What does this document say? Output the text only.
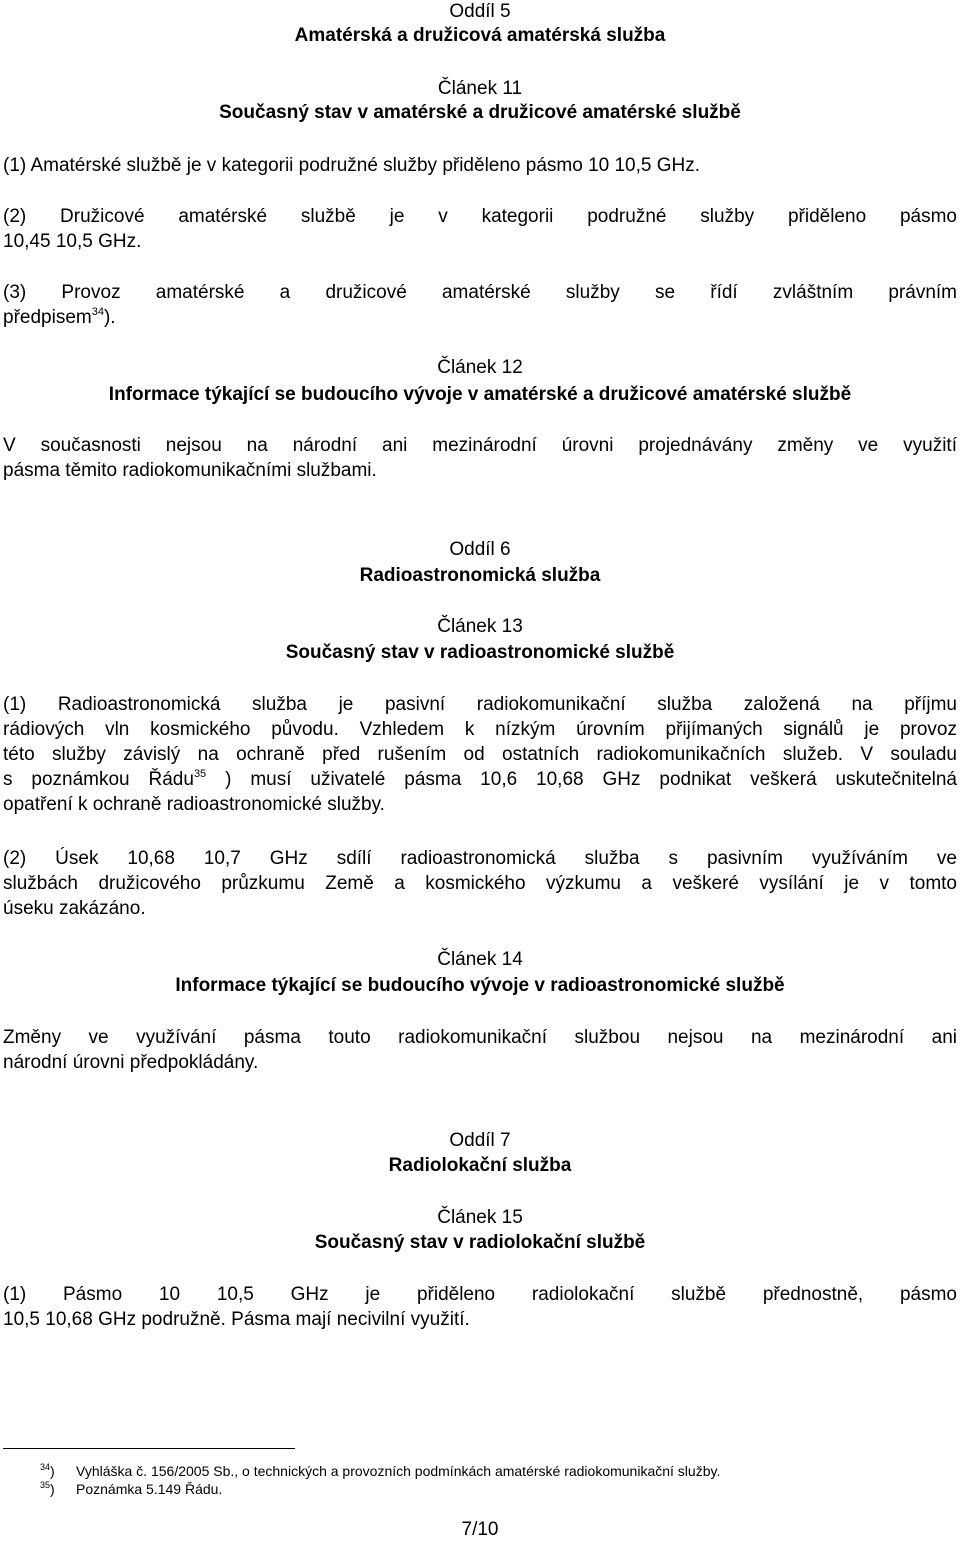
Oddíl 5
Amatérská a družicová amatérská služba
Článek 11
Současný stav v amatérské a družicové amatérské službě
(1) Amatérské službě je v kategorii podružné služby přiděleno pásmo 10 10,5 GHz.
(2) Družicové amatérské službě je v kategorii podružné služby přiděleno pásmo
10,45 10,5 GHz.
(3) Provoz amatérské a družicové amatérské služby se řídí zvláštním právním
předpisem$^{34}$).
Článek 12
Informace týkající se budoucího vývoje v amatérské a družicové amatérské službě
V současnosti nejsou na národní ani mezinárodní úrovni projednávány změny ve využití
pásma těmito radiokomunikačními službami.
Oddíl 6
Radioastronomická služba
Článek 13
Současný stav v radioastronomické službě
(1) Radioastronomická služba je pasivní radiokomunikační služba založená na příjmu
rádiových vln kosmického původu. Vzhledem k nízkým úrovním přijímaných signálů je provoz
této služby závislý na ochraně před rušením od ostatních radiokomunikačních služeb. V souladu
s poznámkou Řádu$^{35}$ ) musí uživatelé pásma 10,6 10,68 GHz podnikat veškerá uskutečnitelná
opatření k ochraně radioastronomické služby.
(2) Úsek 10,68 10,7 GHz sdílí radioastronomická služba s pasivním využíváním ve
službách družicového průzkumu Země a kosmického výzkumu a veškeré vysílání je v tomto
úseku zakázáno.
Článek 14
Informace týkající se budoucího vývoje v radioastronomické službě
Změny ve využívání pásma touto radiokomunikační službou nejsou na mezinárodní ani
národní úrovni předpokládány.
Oddíl 7
Radiolokační služba
Článek 15
Současný stav v radiolokační službě
(1) Pásmo 10 10,5 GHz je přiděleno radiolokační službě přednostně, pásmo
10,5 10,68 GHz podružně. Pásma mají necivilní využití.
$^{34}$) Vyhláška č. 156/2005 Sb., o technických a provozních podmínkách amatérské radiokomunikační služby.
$^{35}$) Poznámka 5.149 Řádu.
7/10
